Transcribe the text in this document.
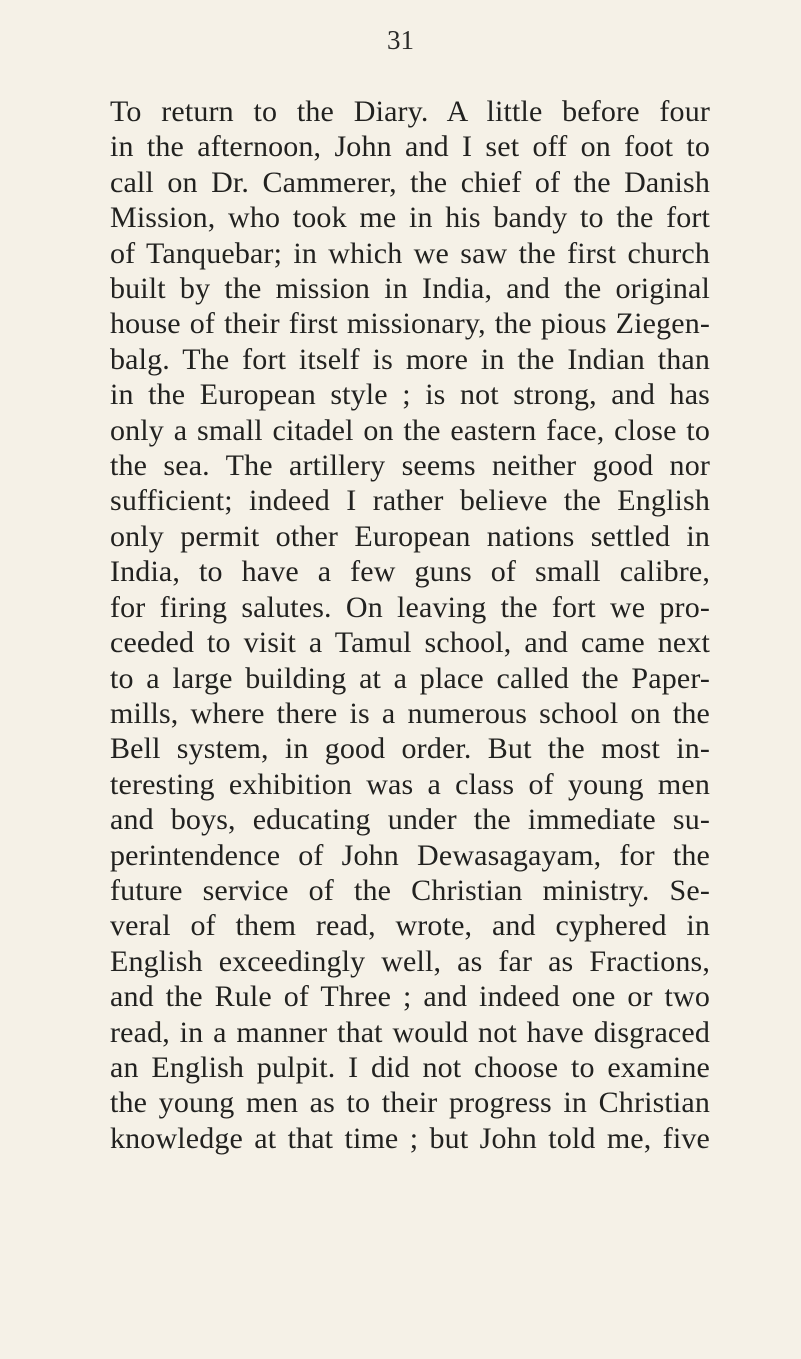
31
To return to the Diary. A little before four
in the afternoon, John and I set off on foot to
call on Dr. Cammerer, the chief of the Danish
Mission, who took me in his bandy to the fort
of Tanquebar; in which we saw the first church
built by the mission in India, and the original
house of their first missionary, the pious Ziegen-
balg. The fort itself is more in the Indian than
in the European style ; is not strong, and has
only a small citadel on the eastern face, close to
the sea. The artillery seems neither good nor
sufficient; indeed I rather believe the English
only permit other European nations settled in
India, to have a few guns of small calibre,
for firing salutes. On leaving the fort we pro-
ceeded to visit a Tamul school, and came next
to a large building at a place called the Paper-
mills, where there is a numerous school on the
Bell system, in good order. But the most in-
teresting exhibition was a class of young men
and boys, educating under the immediate su-
perintendence of John Dewasagayam, for the
future service of the Christian ministry. Se-
veral of them read, wrote, and cyphered in
English exceedingly well, as far as Fractions,
and the Rule of Three ; and indeed one or two
read, in a manner that would not have disgraced
an English pulpit. I did not choose to examine
the young men as to their progress in Christian
knowledge at that time ; but John told me, five
